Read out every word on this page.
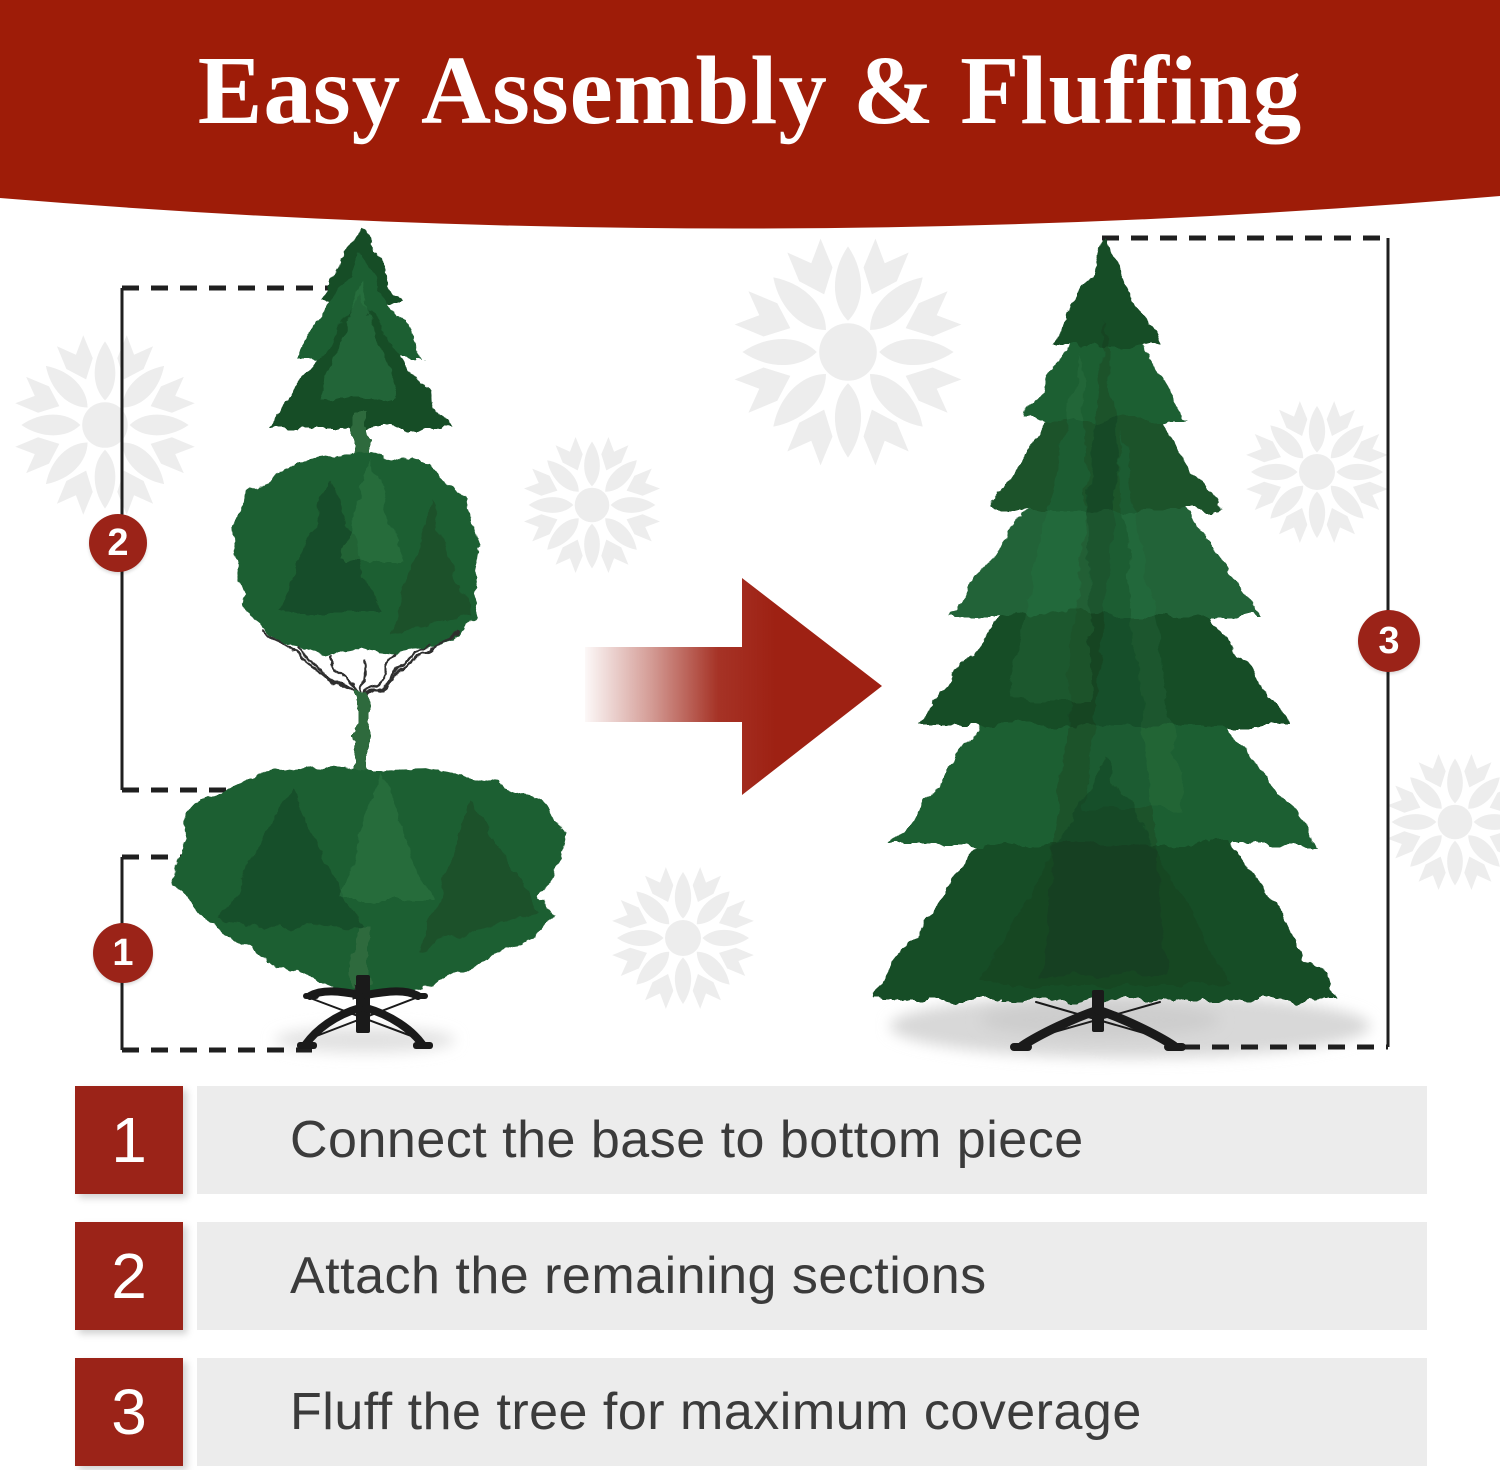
Easy Assembly & Fluffing
1
2
3
1	Connect the base to bottom piece
2	Attach the remaining sections
3	Fluff the tree for maximum coverage
